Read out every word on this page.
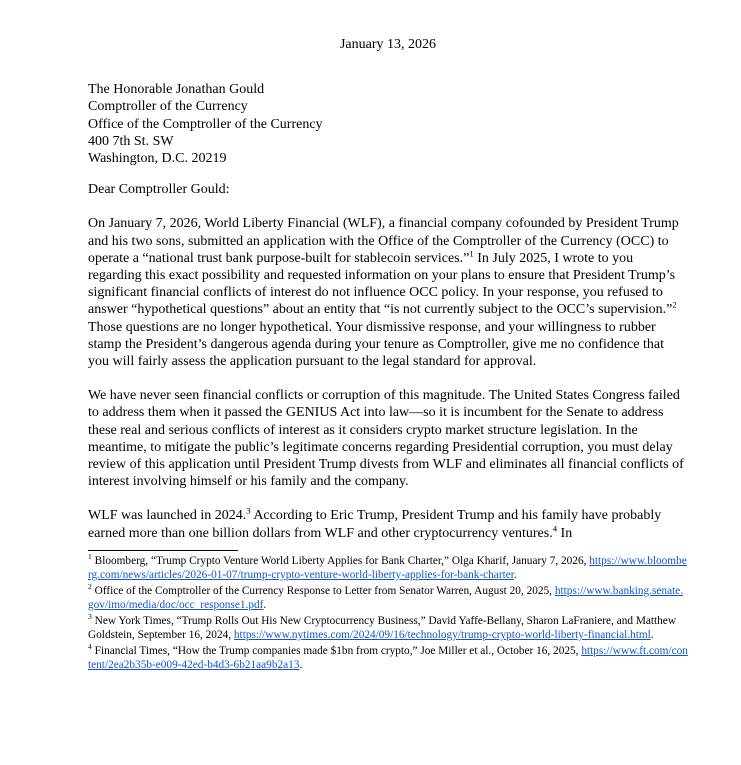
January 13, 2026
The Honorable Jonathan Gould
Comptroller of the Currency
Office of the Comptroller of the Currency
400 7th St. SW
Washington, D.C. 20219
Dear Comptroller Gould:

On January 7, 2026, World Liberty Financial (WLF), a financial company cofounded by President Trump and his two sons, submitted an application with the Office of the Comptroller of the Currency (OCC) to operate a “national trust bank purpose-built for stablecoin services.”$^1$ In July 2025, I wrote to you regarding this exact possibility and requested information on your plans to ensure that President Trump’s significant financial conflicts of interest do not influence OCC policy. In your response, you refused to answer “hypothetical questions” about an entity that “is not currently subject to the OCC’s supervision.”$^2$ Those questions are no longer hypothetical. Your dismissive response, and your willingness to rubber stamp the President’s dangerous agenda during your tenure as Comptroller, give me no confidence that you will fairly assess the application pursuant to the legal standard for approval.

We have never seen financial conflicts or corruption of this magnitude. The United States Congress failed to address them when it passed the GENIUS Act into law—so it is incumbent for the Senate to address these real and serious conflicts of interest as it considers crypto market structure legislation. In the meantime, to mitigate the public’s legitimate concerns regarding Presidential corruption, you must delay review of this application until President Trump divests from WLF and eliminates all financial conflicts of interest involving himself or his family and the company.

WLF was launched in 2024.$^3$ According to Eric Trump, President Trump and his family have probably earned more than one billion dollars from WLF and other cryptocurrency ventures.$^4$ In

$^1$ Bloomberg, “Trump Crypto Venture World Liberty Applies for Bank Charter,” Olga Kharif, January 7, 2026, https://www.bloomberg.com/news/articles/2026-01-07/trump-crypto-venture-world-liberty-applies-for-bank-charter.
$^2$ Office of the Comptroller of the Currency Response to Letter from Senator Warren, August 20, 2025, https://www.banking.senate.gov/imo/media/doc/occ_response1.pdf.
$^3$ New York Times, “Trump Rolls Out His New Cryptocurrency Business,” David Yaffe-Bellany, Sharon LaFraniere, and Matthew Goldstein, September 16, 2024, https://www.nytimes.com/2024/09/16/technology/trump-crypto-world-liberty-financial.html.
$^4$ Financial Times, “How the Trump companies made $1bn from crypto,” Joe Miller et al., October 16, 2025, https://www.ft.com/content/2ea2b35b-e009-42ed-b4d3-6b21aa9b2a13.
